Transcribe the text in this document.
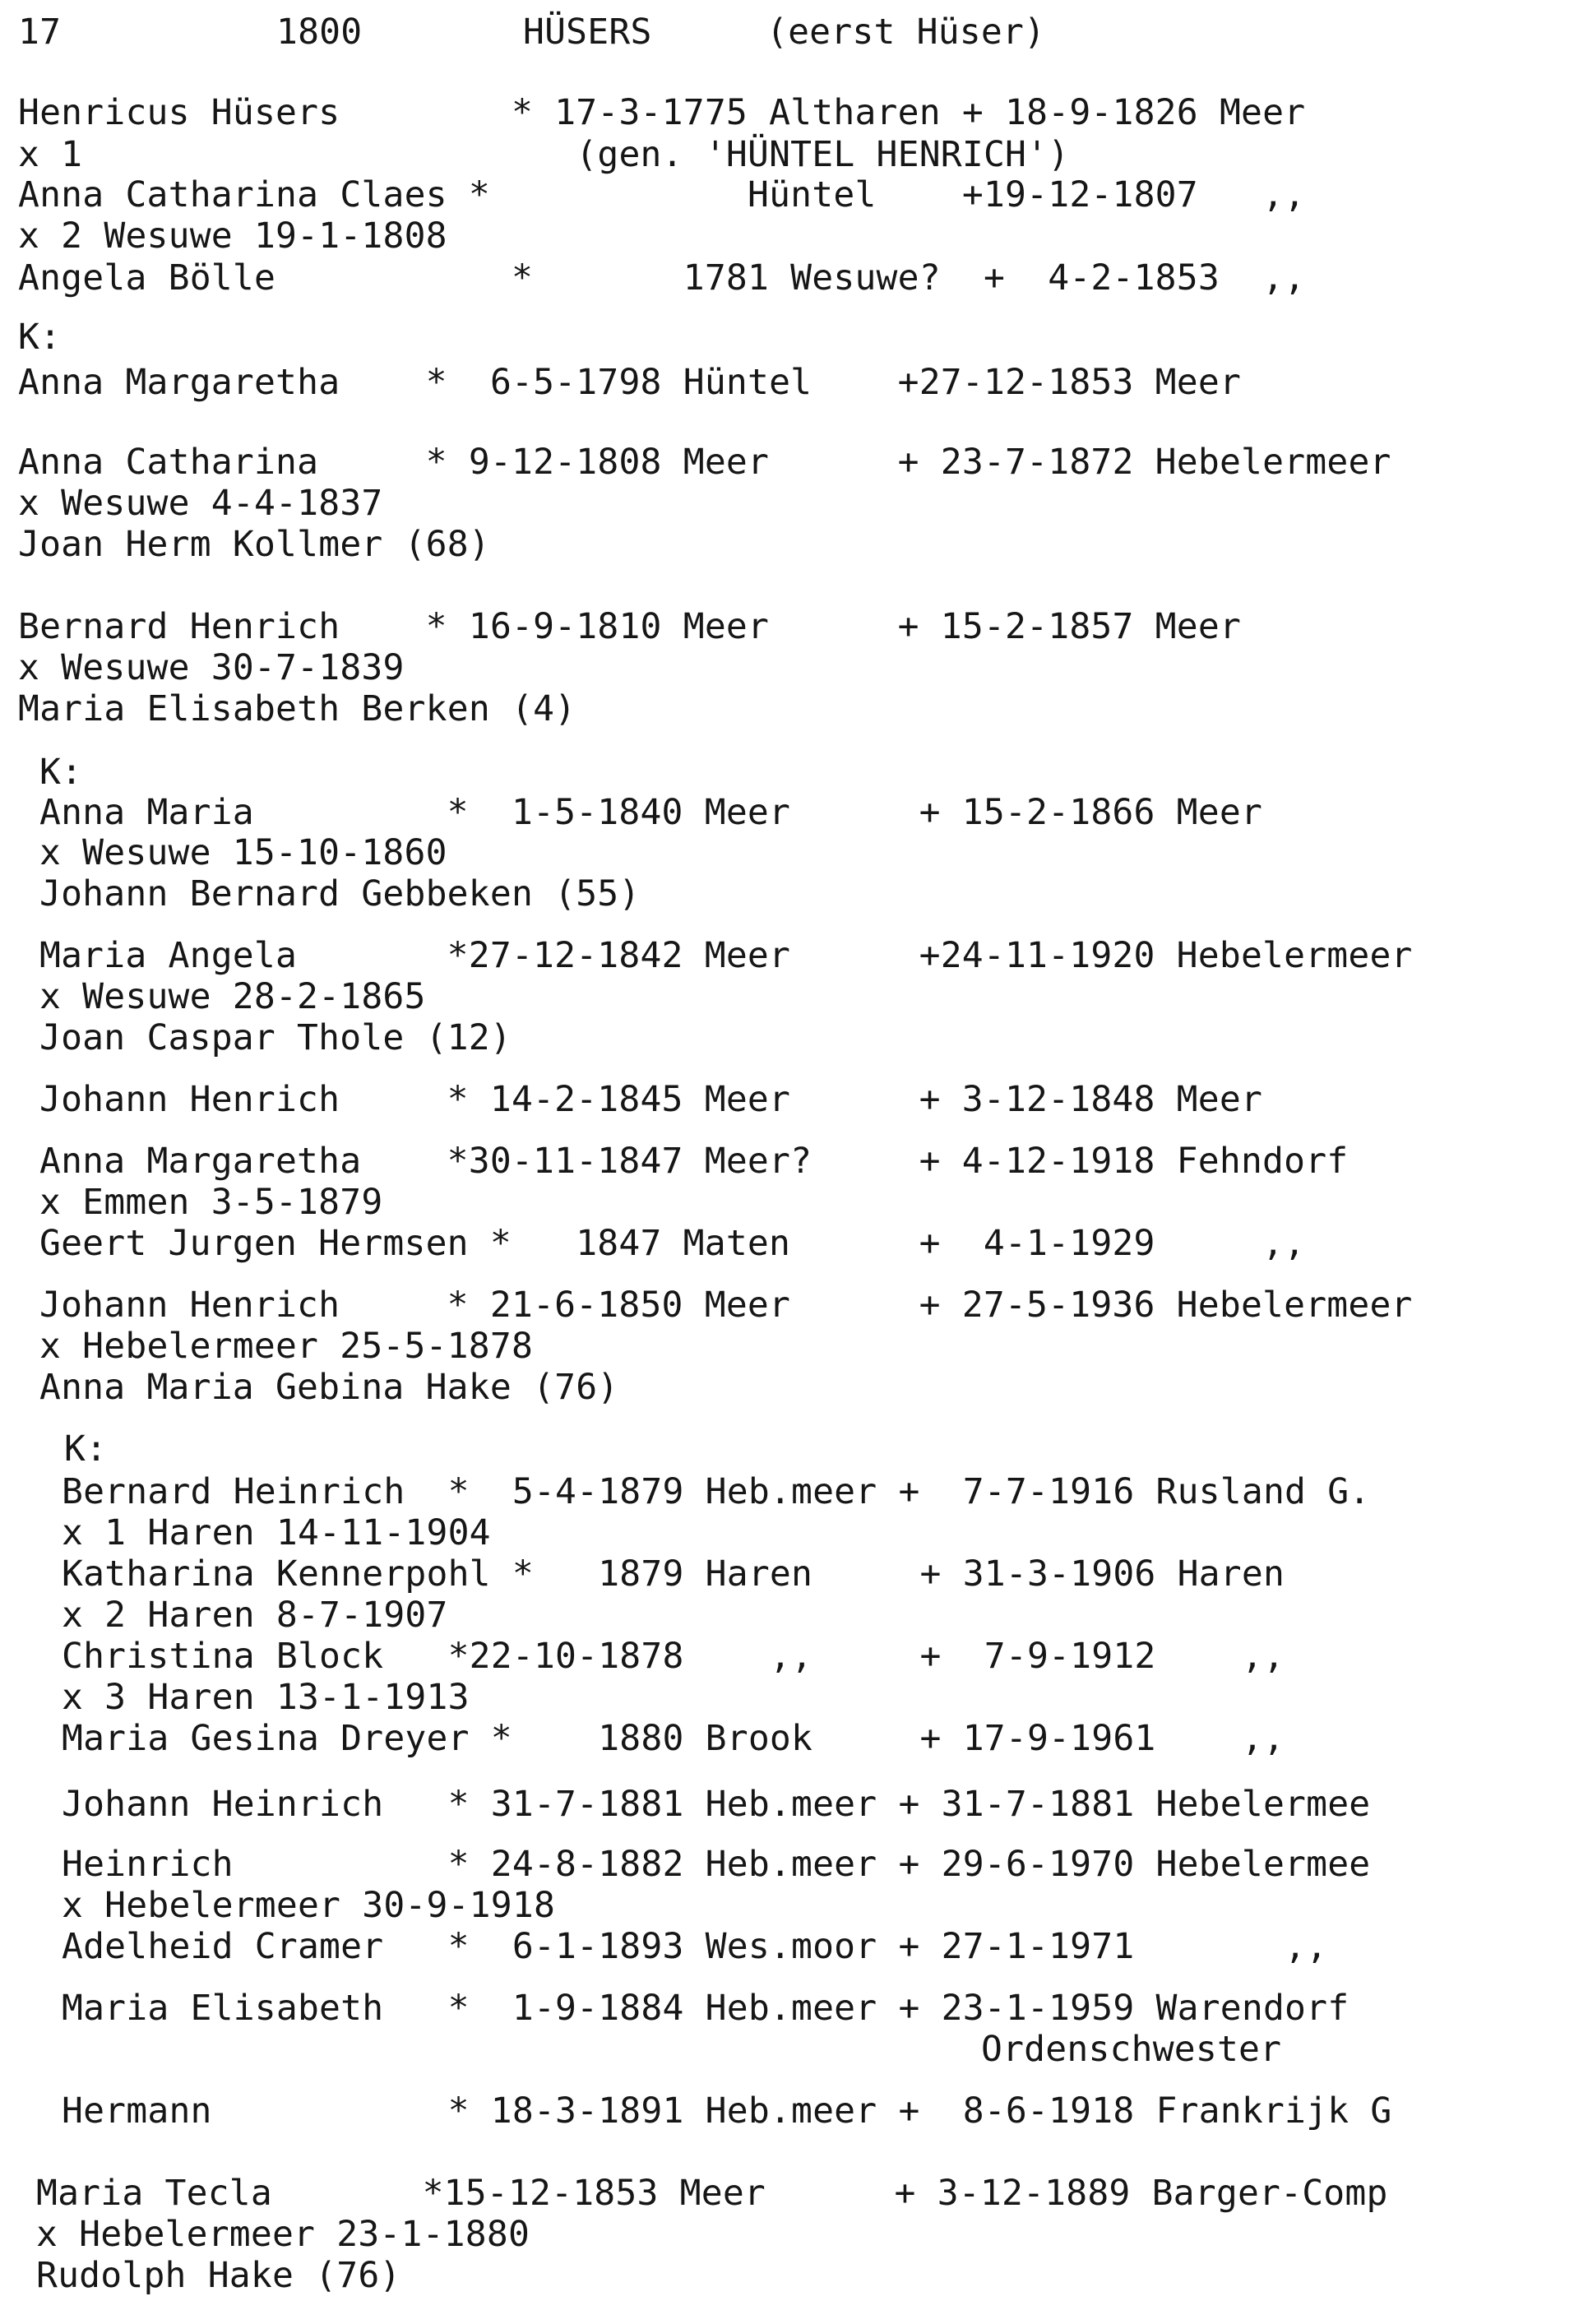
17	1800	HÜSERS	(eerst Hüser)
Henricus Hüsers        * 17-3-1775 Altharen + 18-9-1826 Meer
x 1                       (gen. 'HÜNTEL HENRICH')
Anna Catharina Claes *            Hüntel    +19-12-1807   ,,
x 2 Wesuwe 19-1-1808
Angela Bölle           *       1781 Wesuwe?  +  4-2-1853  ,,
K:
Anna Margaretha    *  6-5-1798 Hüntel    +27-12-1853 Meer
Anna Catharina     * 9-12-1808 Meer      + 23-7-1872 Hebelermeer
x Wesuwe 4-4-1837
Joan Herm Kollmer (68)
Bernard Henrich    * 16-9-1810 Meer      + 15-2-1857 Meer
x Wesuwe 30-7-1839
Maria Elisabeth Berken (4)
K:
Anna Maria         *  1-5-1840 Meer      + 15-2-1866 Meer
x Wesuwe 15-10-1860
Johann Bernard Gebbeken (55)
Maria Angela       *27-12-1842 Meer      +24-11-1920 Hebelermeer
x Wesuwe 28-2-1865
Joan Caspar Thole (12)
Johann Henrich     * 14-2-1845 Meer      + 3-12-1848 Meer
Anna Margaretha    *30-11-1847 Meer?     + 4-12-1918 Fehndorf
x Emmen 3-5-1879
Geert Jurgen Hermsen *   1847 Maten      +  4-1-1929     ,,
Johann Henrich     * 21-6-1850 Meer      + 27-5-1936 Hebelermeer
x Hebelermeer 25-5-1878
Anna Maria Gebina Hake (76)
K:
Bernard Heinrich  *  5-4-1879 Heb.meer +  7-7-1916 Rusland G.
x 1 Haren 14-11-1904
Katharina Kennerpohl *   1879 Haren     + 31-3-1906 Haren
x 2 Haren 8-7-1907
Christina Block   *22-10-1878    ,,     +  7-9-1912    ,,
x 3 Haren 13-1-1913
Maria Gesina Dreyer *    1880 Brook     + 17-9-1961    ,,
Johann Heinrich   * 31-7-1881 Heb.meer + 31-7-1881 Hebelermee
Heinrich          * 24-8-1882 Heb.meer + 29-6-1970 Hebelermee
x Hebelermeer 30-9-1918
Adelheid Cramer   *  6-1-1893 Wes.moor + 27-1-1971       ,,
Maria Elisabeth   *  1-9-1884 Heb.meer + 23-1-1959 Warendorf
Ordenschwester
Hermann           * 18-3-1891 Heb.meer +  8-6-1918 Frankrijk G
Maria Tecla       *15-12-1853 Meer      + 3-12-1889 Barger-Comp
x Hebelermeer 23-1-1880
Rudolph Hake (76)
